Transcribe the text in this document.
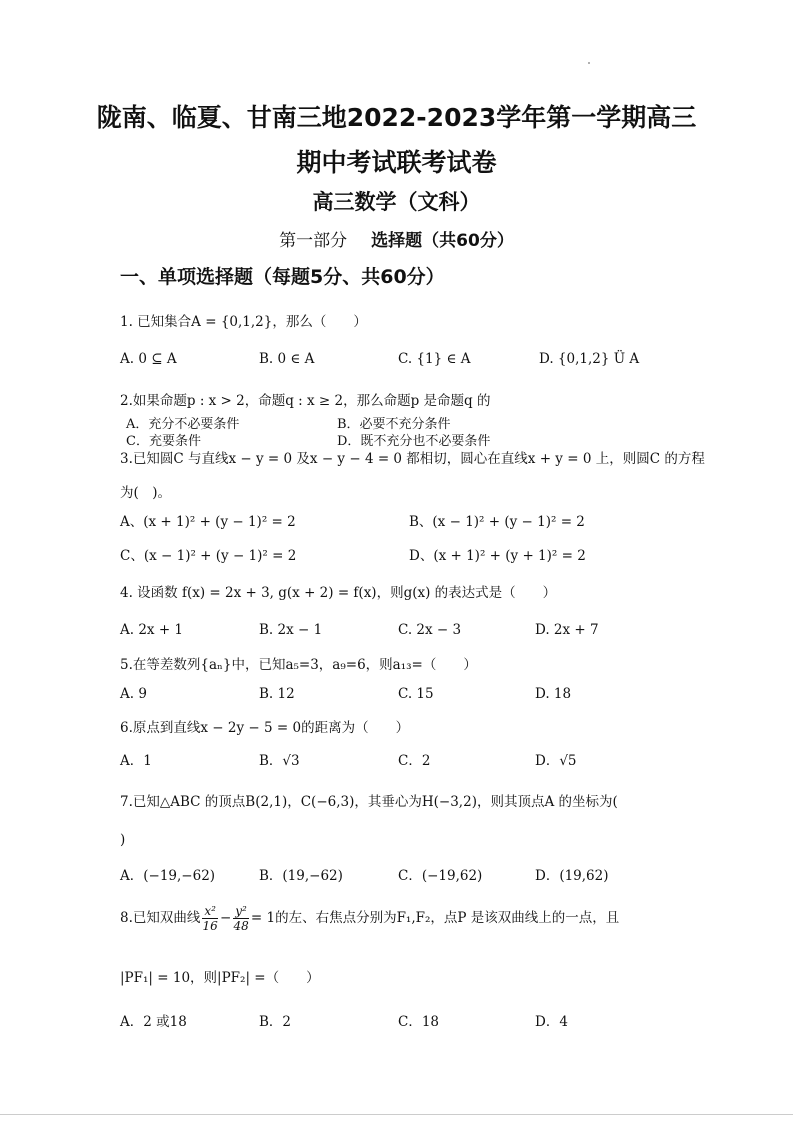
陇南、临夏、甘南三地2022-2023学年第一学期高三
期中考试联考试卷
高三数学（文科）
第一部分 选择题（共60分）
一、单项选择题（每题5分、共60分）
1. 已知集合A = {0,1,2}，那么（　　）
A. 0 ⊆ A	B. 0 ∈ A	C. {1} ∈ A	D. {0,1,2} Ü A
2.如果命题p : x > 2，命题q : x ≥ 2，那么命题p 是命题q 的
A．充分不必要条件	B．必要不充分条件
C．充要条件	D．既不充分也不必要条件
3.已知圆C 与直线x − y = 0 及x − y − 4 = 0 都相切，圆心在直线x + y = 0 上，则圆C 的方程
为(　)。
A、(x + 1)² + (y − 1)² = 2	B、(x − 1)² + (y − 1)² = 2
C、(x − 1)² + (y − 1)² = 2	D、(x + 1)² + (y + 1)² = 2
4. 设函数 f(x) = 2x + 3, g(x + 2) = f(x)，则g(x) 的表达式是（　　）
A. 2x + 1	B. 2x − 1	C. 2x − 3	D. 2x + 7
5.在等差数列{aₙ}中，已知a₅=3，a₉=6，则a₁₃=（　　）
A. 9	B. 12	C. 15	D. 18
6.原点到直线x − 2y − 5 = 0的距离为（　　）
A．1	B．√3	C．2	D．√5
7.已知△ABC 的顶点B(2,1)，C(−6,3)，其垂心为H(−3,2)，则其顶点A 的坐标为(
)
A．(−19,−62)	B．(19,−62)	C．(−19,62)	D．(19,62)
8.已知双曲线 $\frac{\text{x²}}{16} - \frac{\text{y²}}{48} = 1$的左、右焦点分别为F₁,F₂，点P 是该双曲线上的一点，且
|PF₁| = 10，则|PF₂| =（　　）
A．2 或18	B．2	C．18	D．4
